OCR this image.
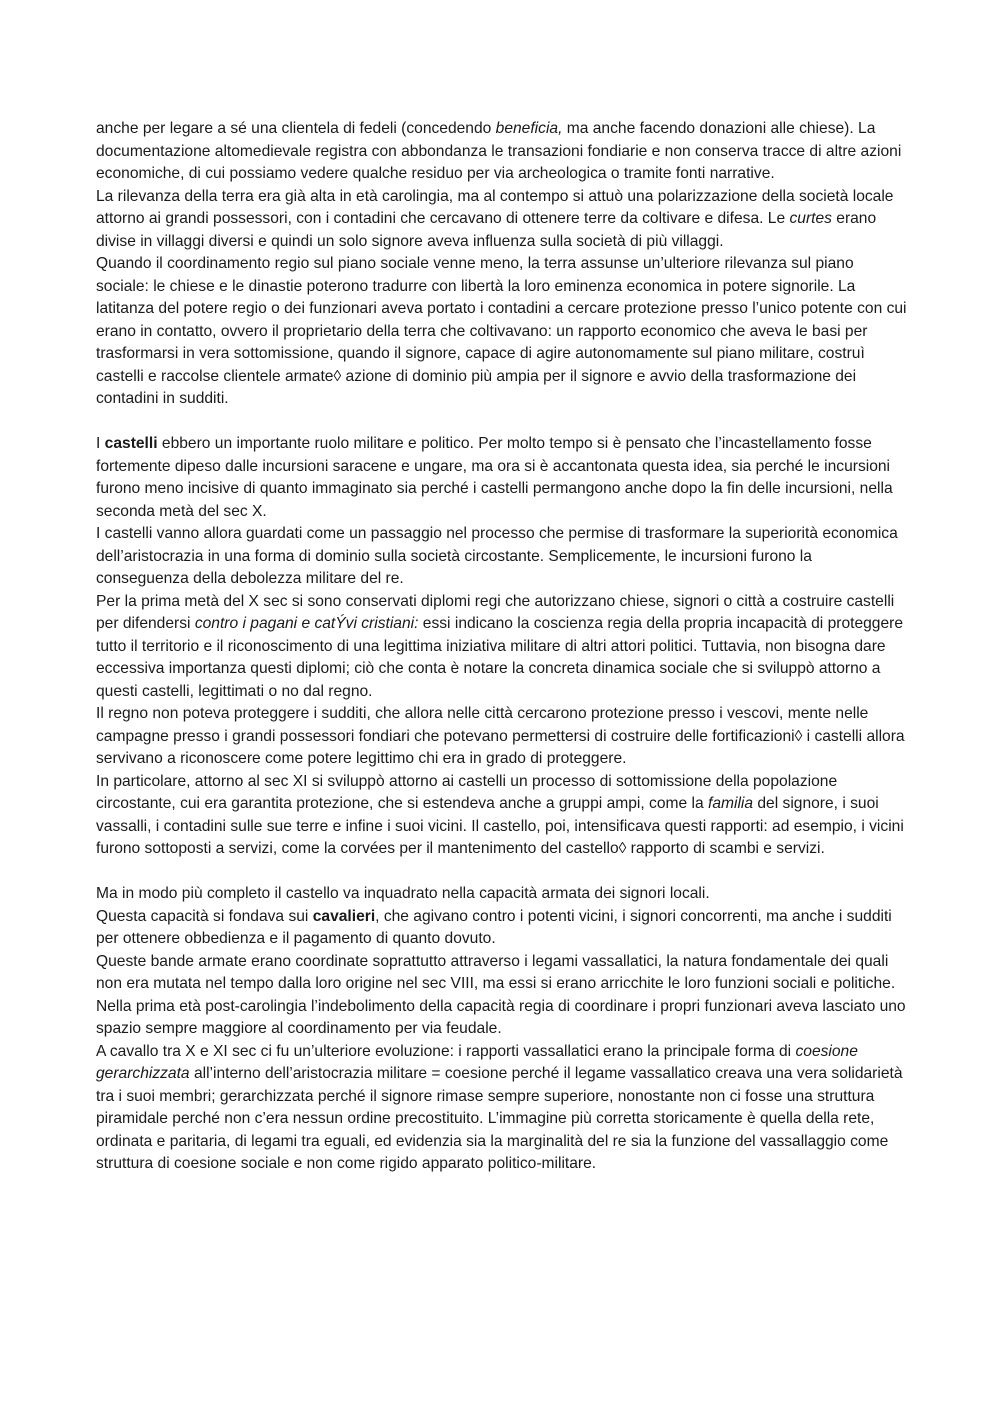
anche per legare a sé una clientela di fedeli (concedendo beneficia, ma anche facendo donazioni alle chiese). La documentazione altomedievale registra con abbondanza le transazioni fondiarie e non conserva tracce di altre azioni economiche, di cui possiamo vedere qualche residuo per via archeologica o tramite fonti narrative.

La rilevanza della terra era già alta in età carolingia, ma al contempo si attuò una polarizzazione della società locale attorno ai grandi possessori, con i contadini che cercavano di ottenere terre da coltivare e difesa. Le curtes erano divise in villaggi diversi e quindi un solo signore aveva influenza sulla società di più villaggi.

Quando il coordinamento regio sul piano sociale venne meno, la terra assunse un’ulteriore rilevanza sul piano sociale: le chiese e le dinastie poterono tradurre con libertà la loro eminenza economica in potere signorile. La latitanza del potere regio o dei funzionari aveva portato i contadini a cercare protezione presso l’unico potente con cui erano in contatto, ovvero il proprietario della terra che coltivavano: un rapporto economico che aveva le basi per trasformarsi in vera sottomissione, quando il signore, capace di agire autonomamente sul piano militare, costruì castelli e raccolse clientele armate◊ azione di dominio più ampia per il signore e avvio della trasformazione dei contadini in sudditi.

I castelli ebbero un importante ruolo militare e politico. Per molto tempo si è pensato che l’incastellamento fosse fortemente dipeso dalle incursioni saracene e ungare, ma ora si è accantonata questa idea, sia perché le incursioni furono meno incisive di quanto immaginato sia perché i castelli permangono anche dopo la fin delle incursioni, nella seconda metà del sec X.

I castelli vanno allora guardati come un passaggio nel processo che permise di trasformare la superiorità economica dell’aristocrazia in una forma di dominio sulla società circostante. Semplicemente, le incursioni furono la conseguenza della debolezza militare del re.

Per la prima metà del X sec si sono conservati diplomi regi che autorizzano chiese, signori o città a costruire castelli per difendersi contro i pagani e catÝvi cristiani: essi indicano la coscienza regia della propria incapacità di proteggere tutto il territorio e il riconoscimento di una legittima iniziativa militare di altri attori politici. Tuttavia, non bisogna dare eccessiva importanza questi diplomi; ciò che conta è notare la concreta dinamica sociale che si sviluppò attorno a questi castelli, legittimati o no dal regno.

Il regno non poteva proteggere i sudditi, che allora nelle città cercarono protezione presso i vescovi, mente nelle campagne presso i grandi possessori fondiari che potevano permettersi di costruire delle fortificazioni◊ i castelli allora servivano a riconoscere come potere legittimo chi era in grado di proteggere.

In particolare, attorno al sec XI si sviluppò attorno ai castelli un processo di sottomissione della popolazione circostante, cui era garantita protezione, che si estendeva anche a gruppi ampi, come la familia del signore, i suoi vassalli, i contadini sulle sue terre e infine i suoi vicini. Il castello, poi, intensificava questi rapporti: ad esempio, i vicini furono sottoposti a servizi, come la corvées per il mantenimento del castello◊ rapporto di scambi e servizi.

Ma in modo più completo il castello va inquadrato nella capacità armata dei signori locali.

Questa capacità si fondava sui cavalieri, che agivano contro i potenti vicini, i signori concorrenti, ma anche i sudditi per ottenere obbedienza e il pagamento di quanto dovuto.

Queste bande armate erano coordinate soprattutto attraverso i legami vassallatici, la natura fondamentale dei quali non era mutata nel tempo dalla loro origine nel sec VIII, ma essi si erano arricchite le loro funzioni sociali e politiche.

Nella prima età post-carolingia l’indebolimento della capacità regia di coordinare i propri funzionari aveva lasciato uno spazio sempre maggiore al coordinamento per via feudale.

A cavallo tra X e XI sec ci fu un’ulteriore evoluzione: i rapporti vassallatici erano la principale forma di coesione gerarchizzata all’interno dell’aristocrazia militare = coesione perché il legame vassallatico creava una vera solidarietà tra i suoi membri; gerarchizzata perché il signore rimase sempre superiore, nonostante non ci fosse una struttura piramidale perché non c’era nessun ordine precostituito. L’immagine più corretta storicamente è quella della rete, ordinata e paritaria, di legami tra eguali, ed evidenzia sia la marginalità del re sia la funzione del vassallaggio come struttura di coesione sociale e non come rigido apparato politico-militare.
